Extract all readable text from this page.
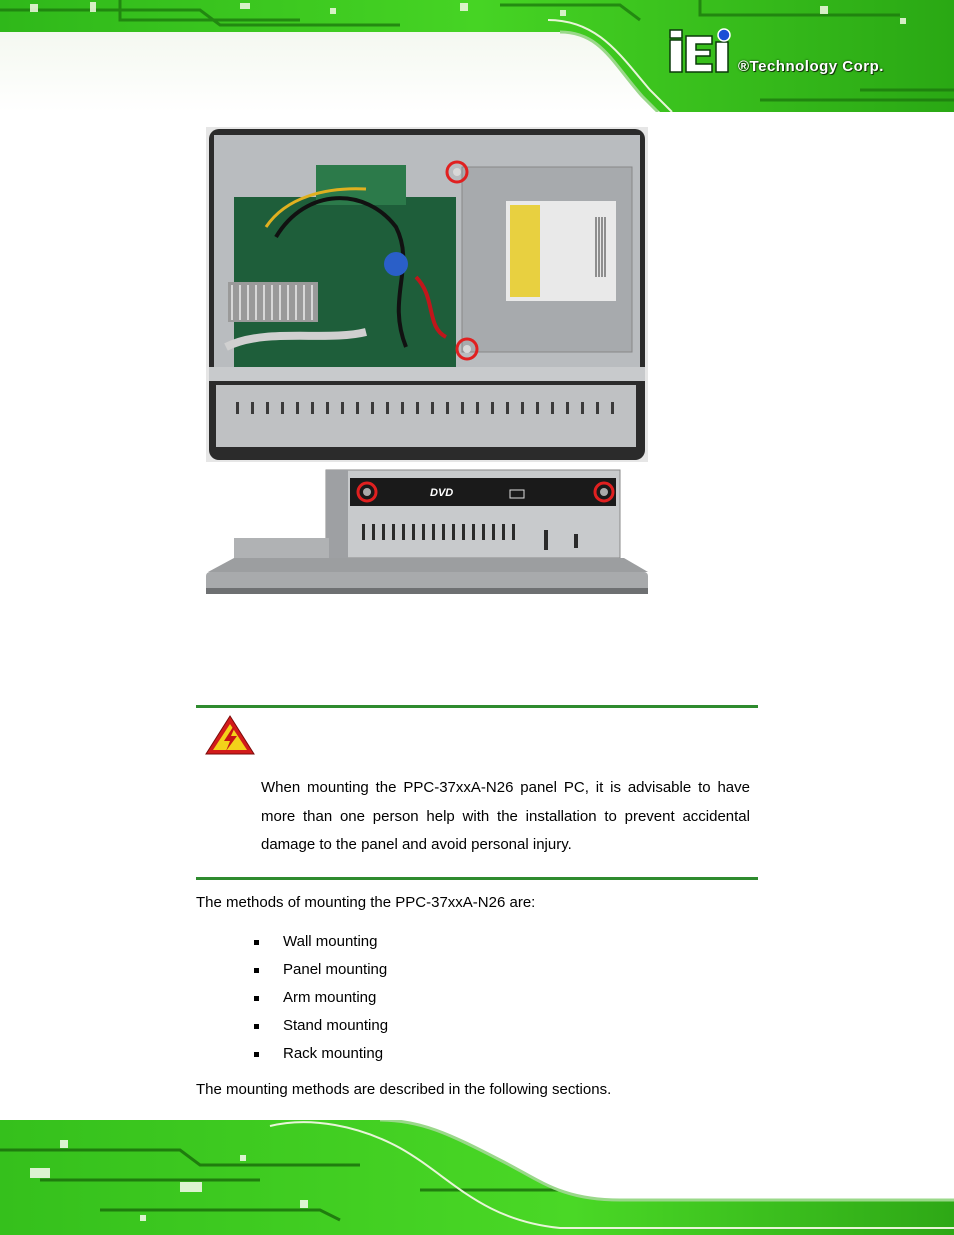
®Technology Corp.
DVD

When mounting the PPC-37xxA-N26 panel PC, it is advisable to have more than one person help with the installation to prevent accidental damage to the panel and avoid personal injury.

The methods of mounting the PPC-37xxA-N26 are:

Wall mounting
Panel mounting
Arm mounting
Stand mounting
Rack mounting

The mounting methods are described in the following sections.
